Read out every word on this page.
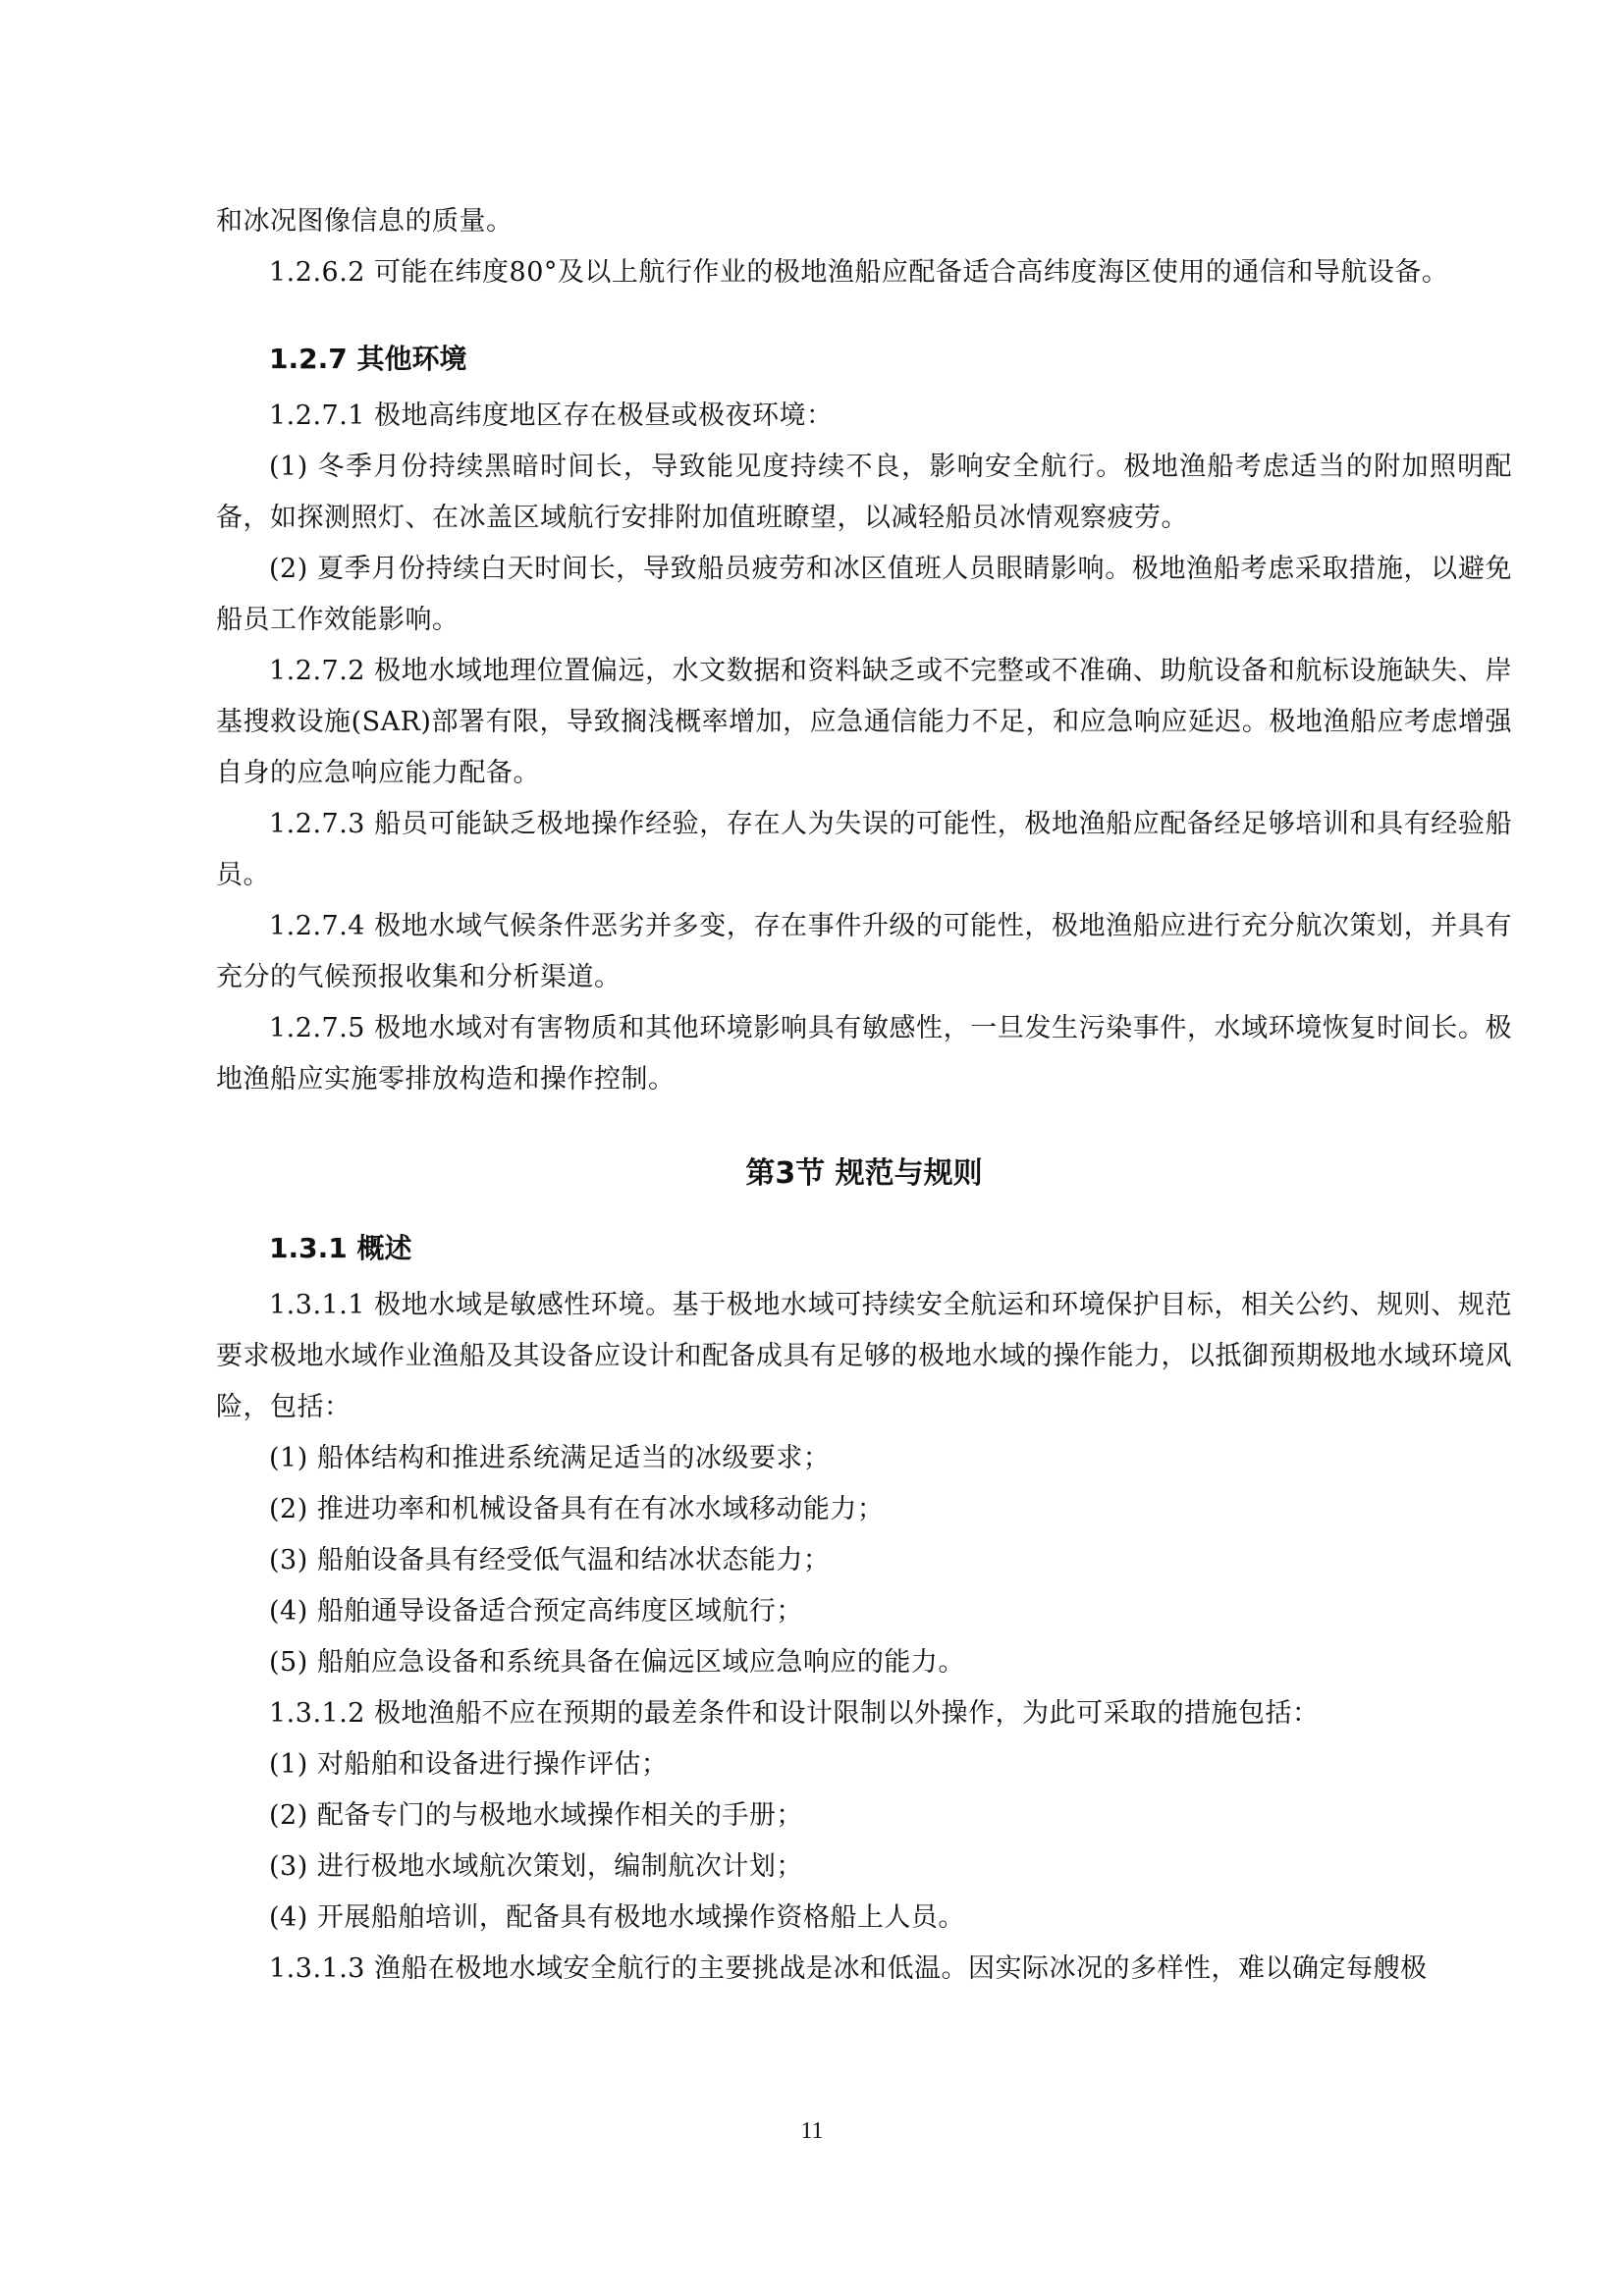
和冰况图像信息的质量。

1.2.6.2 可能在纬度80°及以上航行作业的极地渔船应配备适合高纬度海区使用的通信和导航设备。

1.2.7 其他环境

1.2.7.1 极地高纬度地区存在极昼或极夜环境：

(1) 冬季月份持续黑暗时间长，导致能见度持续不良，影响安全航行。极地渔船考虑适当的附加照明配备，如探测照灯、在冰盖区域航行安排附加值班瞭望，以减轻船员冰情观察疲劳。

(2) 夏季月份持续白天时间长，导致船员疲劳和冰区值班人员眼睛影响。极地渔船考虑采取措施，以避免船员工作效能影响。

1.2.7.2 极地水域地理位置偏远，水文数据和资料缺乏或不完整或不准确、助航设备和航标设施缺失、岸基搜救设施(SAR)部署有限，导致搁浅概率增加，应急通信能力不足，和应急响应延迟。极地渔船应考虑增强自身的应急响应能力配备。

1.2.7.3 船员可能缺乏极地操作经验，存在人为失误的可能性，极地渔船应配备经足够培训和具有经验船员。

1.2.7.4 极地水域气候条件恶劣并多变，存在事件升级的可能性，极地渔船应进行充分航次策划，并具有充分的气候预报收集和分析渠道。

1.2.7.5 极地水域对有害物质和其他环境影响具有敏感性，一旦发生污染事件，水域环境恢复时间长。极地渔船应实施零排放构造和操作控制。

第3节 规范与规则
1.3.1 概述

1.3.1.1 极地水域是敏感性环境。基于极地水域可持续安全航运和环境保护目标，相关公约、规则、规范要求极地水域作业渔船及其设备应设计和配备成具有足够的极地水域的操作能力，以抵御预期极地水域环境风险，包括：

(1) 船体结构和推进系统满足适当的冰级要求；

(2) 推进功率和机械设备具有在有冰水域移动能力；

(3) 船舶设备具有经受低气温和结冰状态能力；

(4) 船舶通导设备适合预定高纬度区域航行；

(5) 船舶应急设备和系统具备在偏远区域应急响应的能力。

1.3.1.2 极地渔船不应在预期的最差条件和设计限制以外操作，为此可采取的措施包括：

(1) 对船舶和设备进行操作评估；

(2) 配备专门的与极地水域操作相关的手册；

(3) 进行极地水域航次策划，编制航次计划；

(4) 开展船舶培训，配备具有极地水域操作资格船上人员。

1.3.1.3 渔船在极地水域安全航行的主要挑战是冰和低温。因实际冰况的多样性，难以确定每艘极

11
